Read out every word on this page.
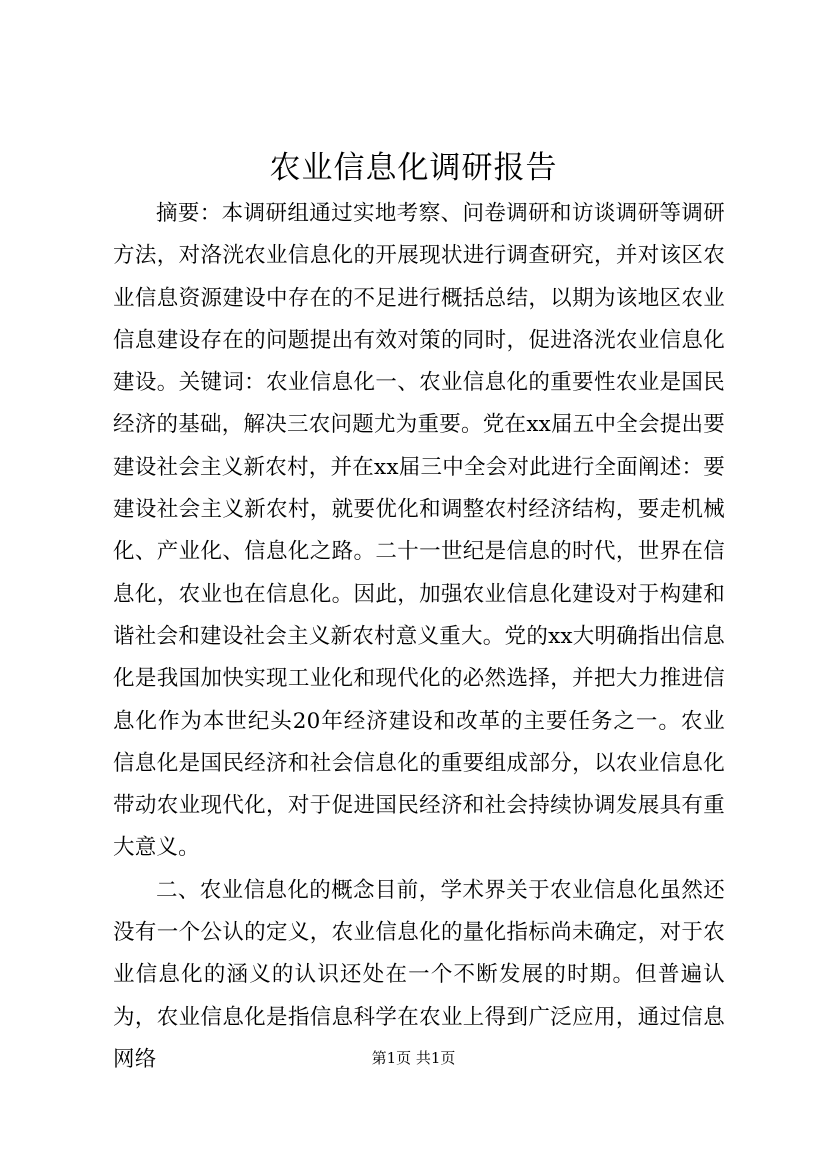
农业信息化调研报告

摘要：本调研组通过实地考察、问卷调研和访谈调研等调研方法，对洛洸农业信息化的开展现状进行调查研究，并对该区农业信息资源建设中存在的不足进行概括总结，以期为该地区农业信息建设存在的问题提出有效对策的同时，促进洛洸农业信息化建设。关键词：农业信息化一、农业信息化的重要性农业是国民经济的基础，解决三农问题尤为重要。党在xx届五中全会提出要建设社会主义新农村，并在xx届三中全会对此进行全面阐述：要建设社会主义新农村，就要优化和调整农村经济结构，要走机械化、产业化、信息化之路。二十一世纪是信息的时代，世界在信息化，农业也在信息化。因此，加强农业信息化建设对于构建和谐社会和建设社会主义新农村意义重大。党的xx大明确指出信息化是我国加快实现工业化和现代化的必然选择，并把大力推进信息化作为本世纪头20年经济建设和改革的主要任务之一。农业信息化是国民经济和社会信息化的重要组成部分，以农业信息化带动农业现代化，对于促进国民经济和社会持续协调发展具有重大意义。

二、农业信息化的概念目前，学术界关于农业信息化虽然还没有一个公认的定义，农业信息化的量化指标尚未确定，对于农业信息化的涵义的认识还处在一个不断发展的时期。但普遍认为，农业信息化是指信息科学在农业上得到广泛应用，通过信息网络	第1页 共1页
